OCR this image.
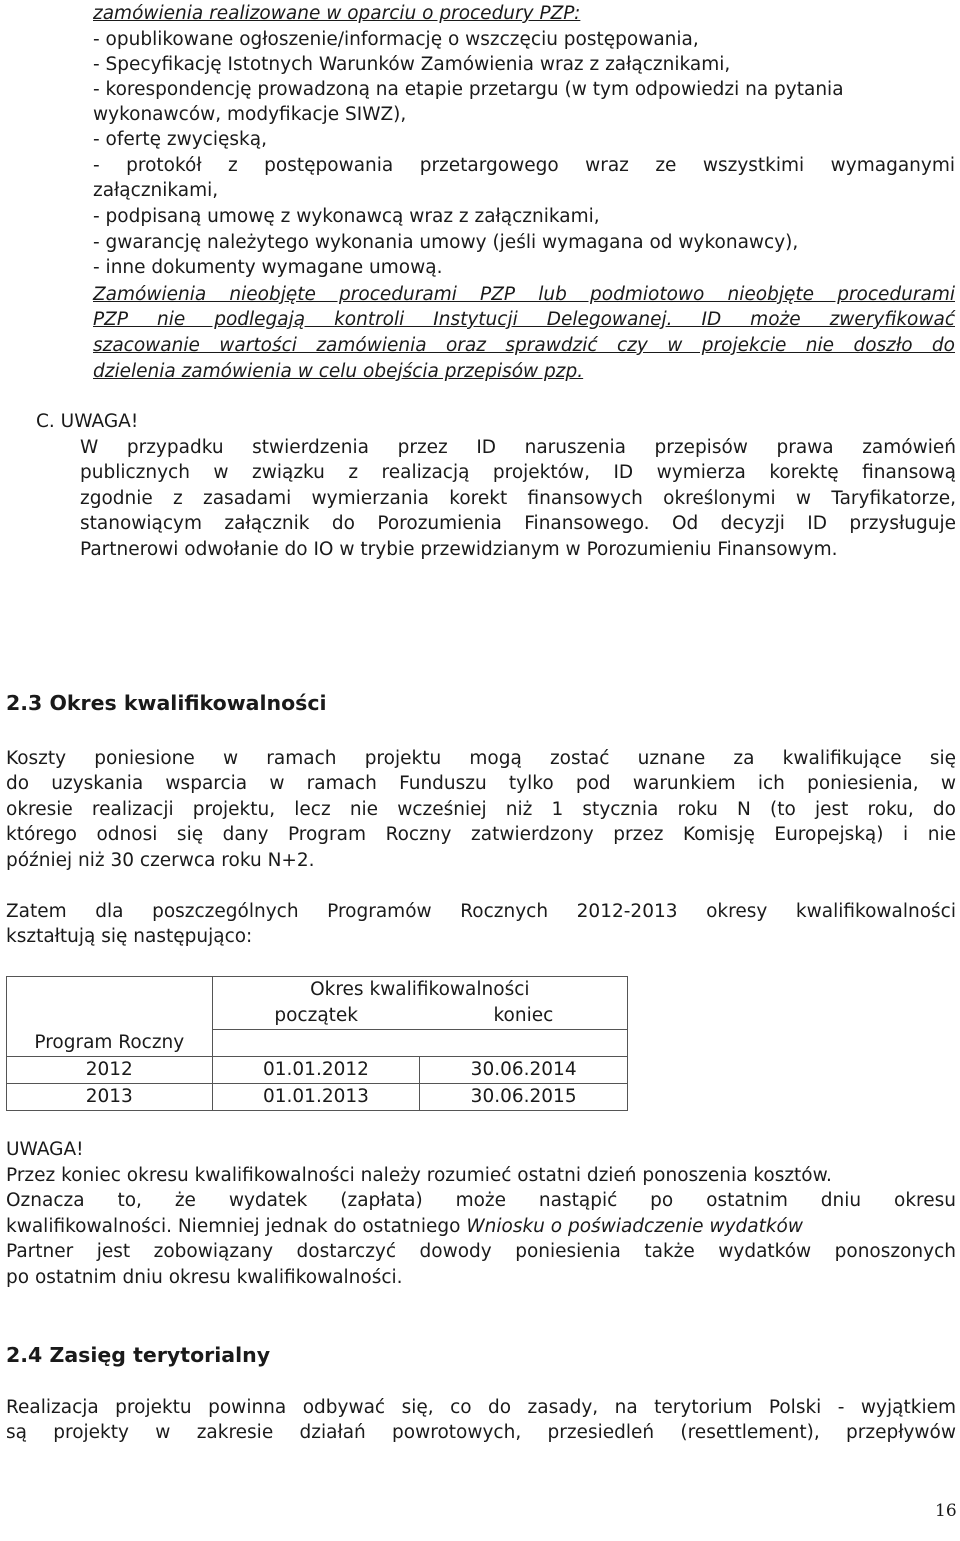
zamówienia realizowane w oparciu o procedury PZP:
- opublikowane ogłoszenie/informację o wszczęciu postępowania,
- Specyfikację Istotnych Warunków Zamówienia wraz z załącznikami,
- korespondencję prowadzoną na etapie przetargu (w tym odpowiedzi na pytania
wykonawców, modyfikacje SIWZ),
- ofertę zwycięską,
- protokół z postępowania przetargowego wraz ze wszystkimi wymaganymi
załącznikami,
- podpisaną umowę z wykonawcą wraz z załącznikami,
- gwarancję należytego wykonania umowy (jeśli wymagana od wykonawcy),
- inne dokumenty wymagane umową.
Zamówienia nieobjęte procedurami PZP lub podmiotowo nieobjęte procedurami
PZP nie podlegają kontroli Instytucji Delegowanej. ID może zweryfikować
szacowanie wartości zamówienia oraz sprawdzić czy w projekcie nie doszło do
dzielenia zamówienia w celu obejścia przepisów pzp.
C. UWAGA!
W przypadku stwierdzenia przez ID naruszenia przepisów prawa zamówień
publicznych w związku z realizacją projektów, ID wymierza korektę finansową
zgodnie z zasadami wymierzania korekt finansowych określonymi w Taryfikatorze,
stanowiącym załącznik do Porozumienia Finansowego. Od decyzji ID przysługuje
Partnerowi odwołanie do IO w trybie przewidzianym w Porozumieniu Finansowym.
2.3 Okres kwalifikowalności
Koszty poniesione w ramach projektu mogą zostać uznane za kwalifikujące się
do uzyskania wsparcia w ramach Funduszu tylko pod warunkiem ich poniesienia, w
okresie realizacji projektu, lecz nie wcześniej niż 1 stycznia roku N (to jest roku, do
którego odnosi się dany Program Roczny zatwierdzony przez Komisję Europejską) i nie
później niż 30 czerwca roku N+2.
Zatem dla poszczególnych Programów Rocznych 2012-2013 okresy kwalifikowalności
kształtują się następująco:
Program Roczny	Okres kwalifikowalności	
	początek	koniec

2012	01.01.2012	30.06.2014
2013	01.01.2013	30.06.2015
UWAGA!
Przez koniec okresu kwalifikowalności należy rozumieć ostatni dzień ponoszenia kosztów.
Oznacza to, że wydatek (zapłata) może nastąpić po ostatnim dniu okresu
kwalifikowalności. Niemniej jednak do ostatniego Wniosku o poświadczenie wydatków
Partner jest zobowiązany dostarczyć dowody poniesienia także wydatków ponoszonych
po ostatnim dniu okresu kwalifikowalności.
2.4 Zasięg terytorialny
Realizacja projektu powinna odbywać się, co do zasady, na terytorium Polski - wyjątkiem
są projekty w zakresie działań powrotowych, przesiedleń (resettlement), przepływów
16
